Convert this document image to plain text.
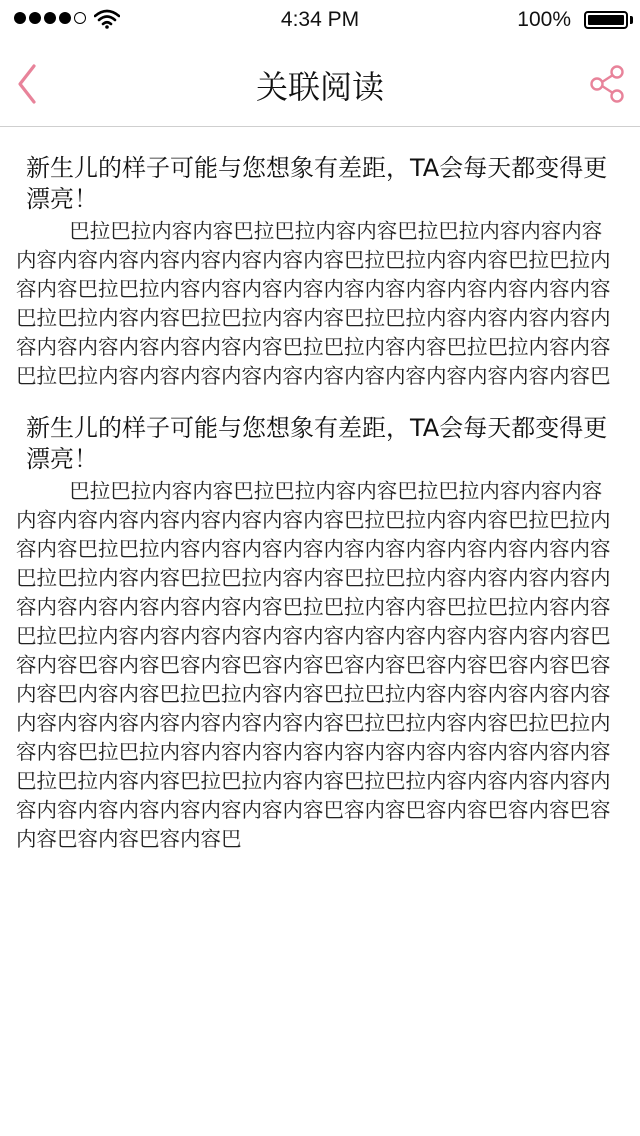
4:34 PM	100%
关联阅读
新生儿的样子可能与您想象有差距，TA会每天都变得更漂亮！

巴拉巴拉内容内容巴拉巴拉内容内容巴拉巴拉内容内容内容内容内容内容内容内容内容内容内容巴拉巴拉内容内容巴拉巴拉内容内容巴拉巴拉内容内容内容内容内容内容内容内容内容内容内容巴拉巴拉内容内容巴拉巴拉内容内容巴拉巴拉内容内容内容内容内容内容内容内容内容内容内容巴拉巴拉内容内容巴拉巴拉内容内容巴拉巴拉内容内容内容内容内容内容内容内容内容内容内容内容巴

新生儿的样子可能与您想象有差距，TA会每天都变得更漂亮！

巴拉巴拉内容内容巴拉巴拉内容内容巴拉巴拉内容内容内容内容内容内容内容内容内容内容内容巴拉巴拉内容内容巴拉巴拉内容内容巴拉巴拉内容内容内容内容内容内容内容内容内容内容内容巴拉巴拉内容内容巴拉巴拉内容内容巴拉巴拉内容内容内容内容内容内容内容内容内容内容内容巴拉巴拉内容内容巴拉巴拉内容内容巴拉巴拉内容内容内容内容内容内容内容内容内容内容内容内容巴容内容巴容内容巴容内容巴容内容巴容内容巴容内容巴容内容巴容内容巴内容内容巴拉巴拉内容内容巴拉巴拉内容内容内容内容内容内容内容内容内容内容内容内容内容巴拉巴拉内容内容巴拉巴拉内容内容巴拉巴拉内容内容内容内容内容内容内容内容内容内容内容巴拉巴拉内容内容巴拉巴拉内容内容巴拉巴拉内容内容内容内容内容内容内容内容内容内容内容内容巴容内容巴容内容巴容内容巴容内容巴容内容巴容内容巴
